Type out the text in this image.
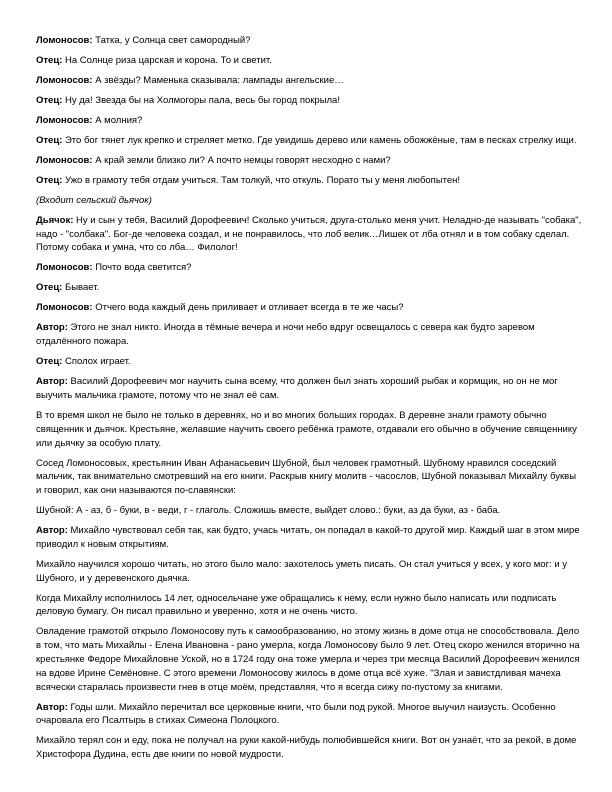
Ломоносов: Татка, у Солнца свет самородный?

Отец: На Солнце риза царская и корона. То и светит.

Ломоносов: А звёзды? Маменька сказывала: лампады ангельские…

Отец: Ну да! Звезда бы на Холмогоры пала, весь бы город покрыла!

Ломоносов: А молния?

Отец: Это бог тянет лук крепко и стреляет метко. Где увидишь дерево или камень обожжёные, там в песках стрелку ищи.

Ломоносов: А край земли близко ли? А почто немцы говорят несходно с нами?

Отец: Ужо в грамоту тебя отдам учиться. Там толкуй, что откуль. Порато ты у меня любопытен!

(Входит сельский дьячок)

Дьячок: Ну и сын у тебя, Василий Дорофеевич! Сколько учиться, друга-столько меня учит. Неладно-де называть "собака", надо - "солбака". Бог-де человека создал, и не понравилось, что лоб велик…Лишек от лба отнял и в том собаку сделал. Потому собака и умна, что со лба… Филолог!

Ломоносов: Почто вода светится?

Отец: Бывает.

Ломоносов: Отчего вода каждый день приливает и отливает всегда в те же часы?

Автор: Этого не знал никто. Иногда в тёмные вечера и ночи небо вдруг освещалось с севера как будто заревом отдалённого пожара.

Отец: Сполох играет.

Автор: Василий Дорофеевич мог научить сына всему, что должен был знать хороший рыбак и кормщик, но он не мог выучить мальчика грамоте, потому что не знал её сам.

В то время школ не было не только в деревнях, но и во многих больших городах. В деревне знали грамоту обычно священник и дьячок. Крестьяне, желавшие научить своего ребёнка грамоте, отдавали его обычно в обучение священнику или дьячку за особую плату.

Сосед Ломоносовых, крестьянин Иван Афанасьевич Шубной, был человек грамотный. Шубному нравился соседский мальчик, так внимательно смотревший на его книги. Раскрыв книгу молитв - часослов, Шубной показывал Михайлу буквы и говорил, как они называются по-славянски:

Шубной: А - аз, б - буки, в - веди, г - глаголь. Сложишь вместе, выйдет слово.: буки, аз да буки, аз - баба.

Автор: Михайло чувствовал себя так, как будто, учась читать, он попадал в какой-то другой мир. Каждый шаг в этом мире приводил к новым открытиям.

Михайло научился хорошо читать, но этого было мало: захотелось уметь писать. Он стал учиться у всех, у кого мог: и у Шубного, и у деревенского дьячка.

Когда Михайлу исполнилось 14 лет, односельчане уже обращались к нему, если нужно было написать или подписать деловую бумагу. Он писал правильно и уверенно, хотя и не очень чисто.

Овладение грамотой открыло Ломоносову путь к самообразованию, но этому жизнь в доме отца не способствовала. Дело в том, что мать Михайлы - Елена Ивановна - рано умерла, когда Ломоносову было 9 лет. Отец скоро женился вторично на крестьянке Федоре Михайловне Уской, но в 1724 году она тоже умерла и через три месяца Василий Дорофеевич женился на вдове Ирине Семёновне. С этого времени Ломоносову жилось в доме отца всё хуже. "Злая и завистдливая мачеха всячески старалась произвести гнев в отце моём, представляя, что я всегда сижу по-пустому за книгами.

Автор: Годы шли. Михайло перечитал все церковные книги, что были под рукой. Многое выучил наизусть. Особенно очаровала его Псалтырь в стихах Симеона Полоцкого.

Михайло терял сон и еду, пока не получал на руки какой-нибудь полюбившейся книги. Вот он узнаёт, что за рекой, в доме Христофора Дудина, есть две книги по новой мудрости.
